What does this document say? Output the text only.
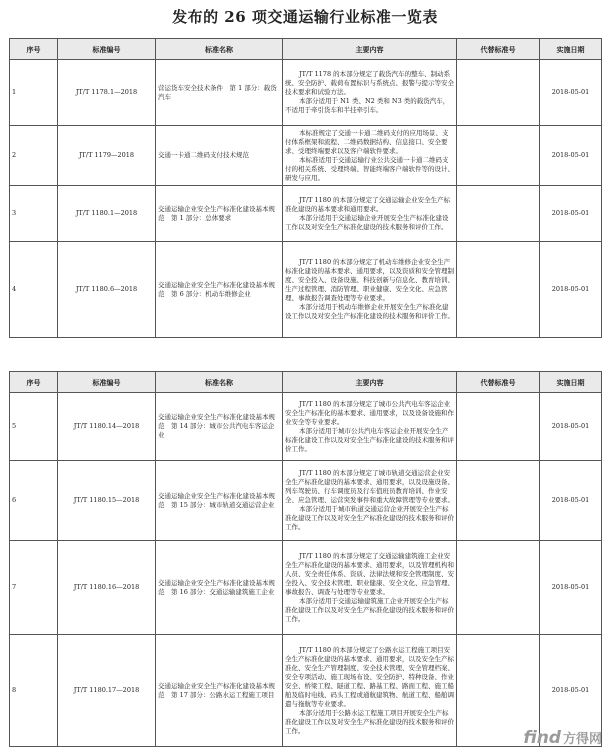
发布的 26 项交通运输行业标准一览表
序号	标准编号	标准名称	主要内容	代替标准号	实施日期
1	JT/T 1178.1—2018	营运货车安全技术条件　第 1 部分：载货汽车	JT/T 1178 的本部分规定了载货汽车的整车、制动系统、安全防护、载荷布置标识与系统点、报警与提示等安全技术要求和试验方法。

本部分适用于 N1 类、N2 类和 N3 类的载货汽车，不适用于牵引货车和半挂牵引车。		2018-05-01
2	JT/T 1179—2018	交通一卡通二维码支付技术规范	本标准规定了交通一卡通二维码支付的应用场景、支付体系框架和流程、二维码数据结构、信息接口、安全要求、受理终端要求以及客户端软件要求。

本标准适用于交通运输行业公共交通一卡通二维码支付的相关系统、受理终端、智能终端客户端软件等的设计、研发与应用。		2018-05-01
3	JT/T 1180.1—2018	交通运输企业安全生产标准化建设基本规范　第 1 部分：总体要求	JT/T 1180 的本部分规定了交通运输企业安全生产标准化建设的基本要求和通用要求。

本部分适用于交通运输企业开展安全生产标准化建设工作以及对安全生产标准化建设的技术服务和评价工作。		2018-05-01
4	JT/T 1180.6—2018	交通运输企业安全生产标准化建设基本规范　第 6 部分：机动车维修企业	JT/T 1180 的本部分规定了机动车维修企业安全生产标准化建设的基本要求、通用要求，以及资质和安全管理制度、安全投入、设备设施、科技创新与信息化、教育培训、生产过程管理、消防管理、职业健康、安全文化、应急管理、事故报告调查处理等专业要求。

本部分适用于机动车维修企业开展安全生产标准化建设工作以及对安全生产标准化建设的技术服务和评价工作。		2018-05-01
序号	标准编号	标准名称	主要内容	代替标准号	实施日期
5	JT/T 1180.14—2018	交通运输企业安全生产标准化建设基本规范　第 14 部分：城市公共汽电车客运企业	JT/T 1180 的本部分规定了城市公共汽电车客运企业安全生产标准化的基本要求、通用要求，以及设备设施和作业安全等专业要求。

本部分适用于城市公共汽电车客运企业开展安全生产标准化建设工作以及对安全生产标准化建设的技术服务和评价工作。		2018-05-01
6	JT/T 1180.15—2018	交通运输企业安全生产标准化建设基本规范　第 15 部分：城市轨道交通运营企业	JT/T 1180 的本部分规定了城市轨道交通运营企业安全生产标准化建设的基本要求、通用要求，以及设施设备、列车驾驶员、行车调度员及行车值班员教育培训、作业安全、应急管理、运营突发事件和重大故障管理等专业要求。

本部分适用于城市轨道交通运营企业开展安全生产标准化建设工作以及对安全生产标准化建设的技术服务和评价工作。		2018-05-01
7	JT/T 1180.16—2018	交通运输企业安全生产标准化建设基本规范　第 16 部分：交通运输建筑施工企业	JT/T 1180 的本部分规定了交通运输建筑施工企业安全生产标准化建设的基本要求、通用要求，以及管理机构和人员、安全责任体系、资质、法律法规和安全管理制度、安全投入、安全技术管理、职业健康、安全文化、应急管理、事故报告、调查与处理等专业要求。

本部分适用于交通运输建筑施工企业开展安全生产标准化建设工作以及对安全生产标准化建设的技术服务和评价工作。		2018-05-01
8	JT/T 1180.17—2018	交通运输企业安全生产标准化建设基本规范　第 17 部分：公路水运工程施工项目	JT/T 1180 的本部分规定了公路水运工程施工项目安全生产标准化建设的基本要求、通用要求，以及安全生产标准化、安全生产管理制度、安全技术管理、安全管理档案、安全专项活动、施工现场布设、安全防护、特种设备、作业安全、桥梁工程、隧道工程、路基工程、路面工程、施工船舶及临时电线、码头工程或通航建筑物、航道工程、船舶调遣与拖航等专业要求。

本部分适用于公路水运工程施工项目开展安全生产标准化建设工作以及对安全生产标准化建设的技术服务和评价工作。		2018-05-01
find 方得网
